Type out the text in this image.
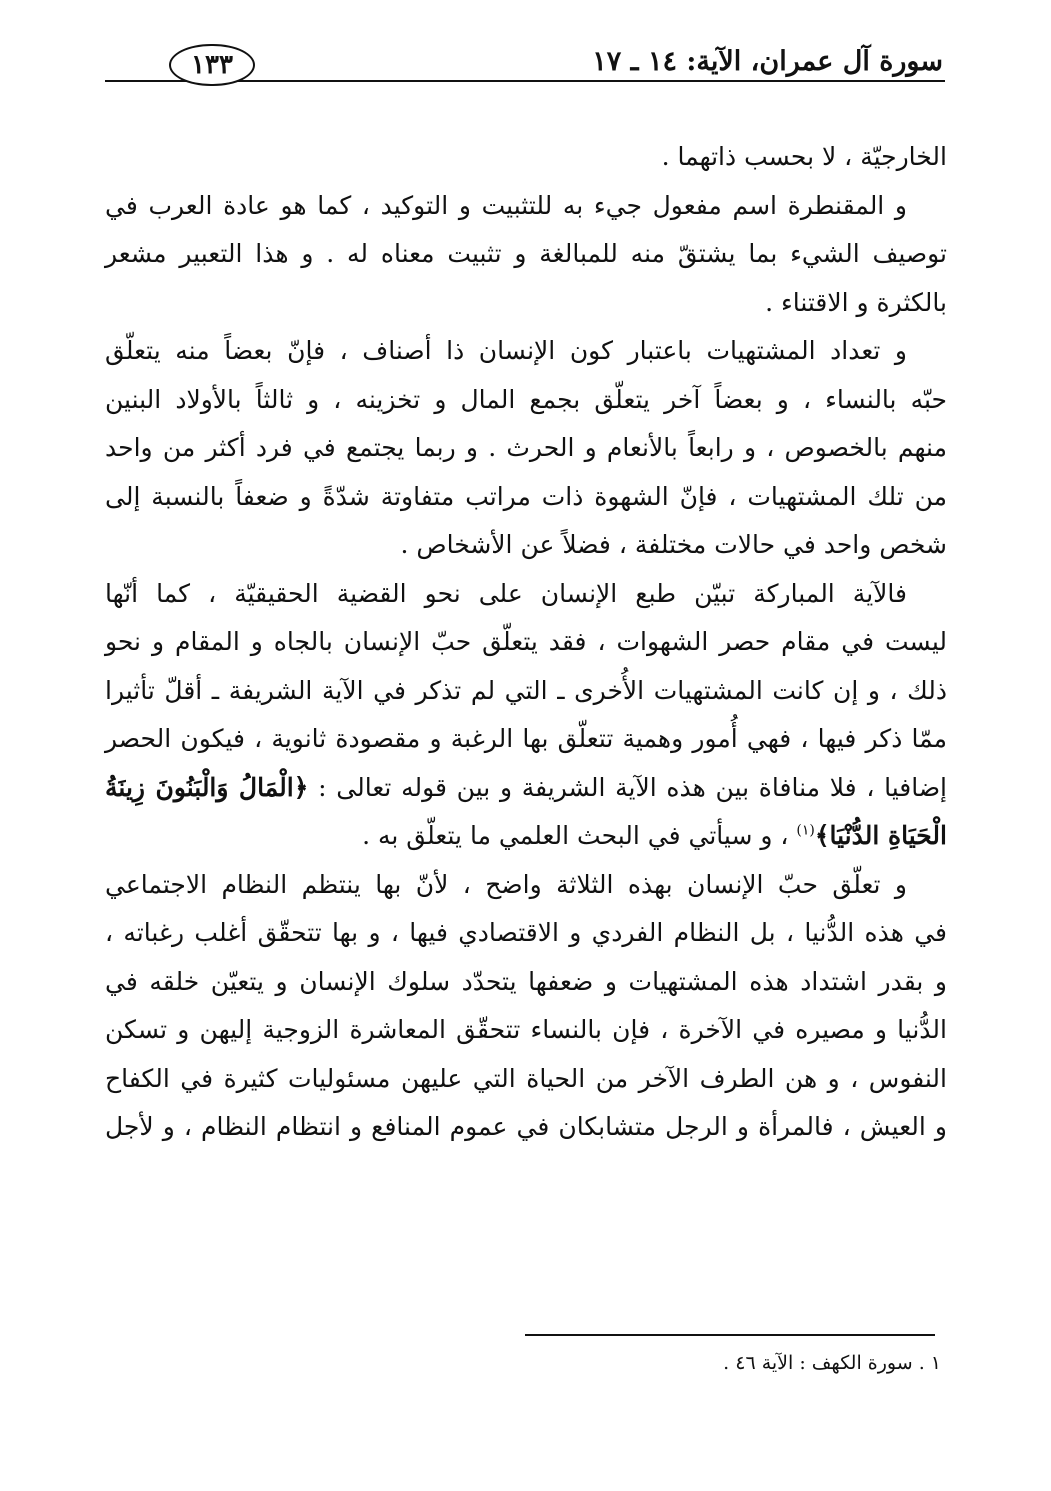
سورة آل عمران، الآية: ١٤ ـ ١٧
١٣٣
الخارجيّة ، لا بحسب ذاتهما .
و المقنطرة اسم مفعول جيء به للتثبيت و التوكيد ، كما هو عادة العرب في
توصيف الشيء بما يشتقّ منه للمبالغة و تثبيت معناه له . و هذا التعبير مشعر
بالكثرة و الاقتناء .
و تعداد المشتهيات باعتبار كون الإنسان ذا أصناف ، فإنّ بعضاً منه يتعلّق
حبّه بالنساء ، و بعضاً آخر يتعلّق بجمع المال و تخزينه ، و ثالثاً بالأولاد البنين
منهم بالخصوص ، و رابعاً بالأنعام و الحرث . و ربما يجتمع في فرد أكثر من واحد
من تلك المشتهيات ، فإنّ الشهوة ذات مراتب متفاوتة شدّةً و ضعفاً بالنسبة إلى
شخص واحد في حالات مختلفة ، فضلاً عن الأشخاص .
فالآية المباركة تبيّن طبع الإنسان على نحو القضية الحقيقيّة ، كما أنّها
ليست في مقام حصر الشهوات ، فقد يتعلّق حبّ الإنسان بالجاه و المقام و نحو
ذلك ، و إن كانت المشتهيات الأُخرى ـ التي لم تذكر في الآية الشريفة ـ أقلّ تأثيرا
ممّا ذكر فيها ، فهي أُمور وهمية تتعلّق بها الرغبة و مقصودة ثانوية ، فيكون الحصر
إضافيا ، فلا منافاة بين هذه الآية الشريفة و بين قوله تعالى : ﴿الْمَالُ وَالْبَنُونَ زِينَةُ
الْحَيَاةِ الدُّنْيَا﴾$^{(١)}$ ، و سيأتي في البحث العلمي ما يتعلّق به .
و تعلّق حبّ الإنسان بهذه الثلاثة واضح ، لأنّ بها ينتظم النظام الاجتماعي
في هذه الدُّنيا ، بل النظام الفردي و الاقتصادي فيها ، و بها تتحقّق أغلب رغباته ،
و بقدر اشتداد هذه المشتهيات و ضعفها يتحدّد سلوك الإنسان و يتعيّن خلقه في
الدُّنيا و مصيره في الآخرة ، فإن بالنساء تتحقّق المعاشرة الزوجية إليهن و تسكن
النفوس ، و هن الطرف الآخر من الحياة التي عليهن مسئوليات كثيرة في الكفاح
و العيش ، فالمرأة و الرجل متشابكان في عموم المنافع و انتظام النظام ، و لأجل
١ . سورة الكهف : الآية ٤٦ .
